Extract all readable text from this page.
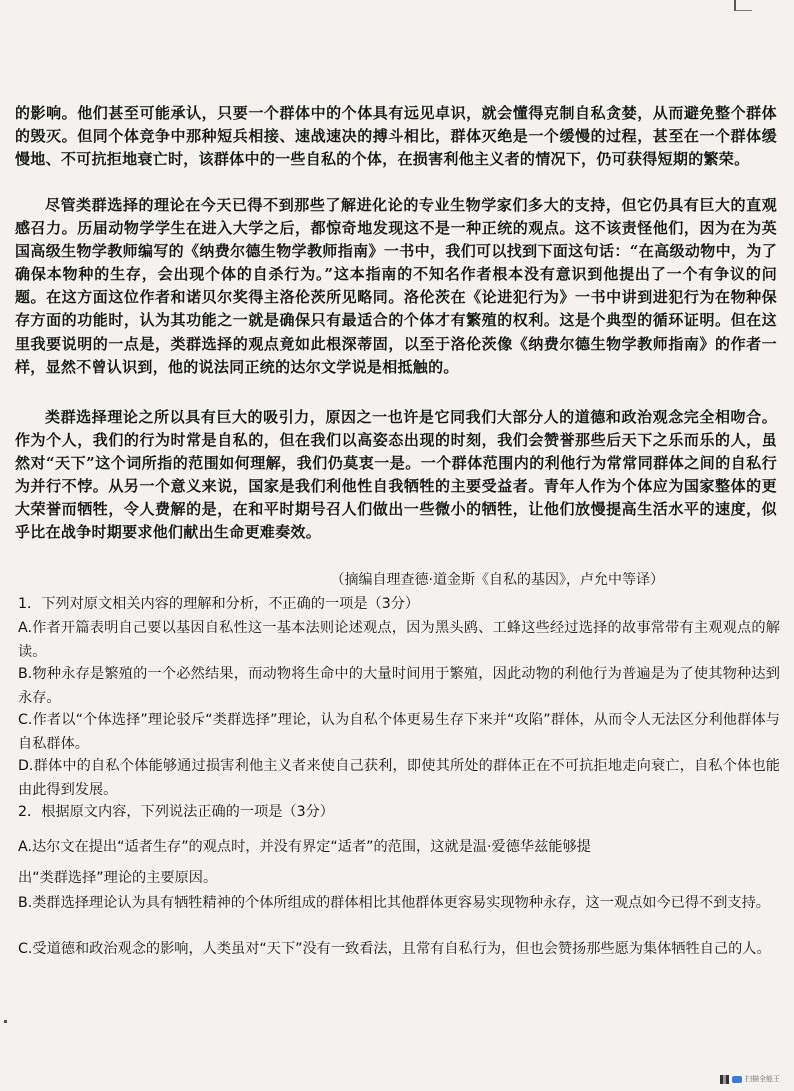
的影响。他们甚至可能承认，只要一个群体中的个体具有远见卓识，就会懂得克制自私贪婪，从而避免整个群体的毁灭。但同个体竞争中那种短兵相接、速战速决的搏斗相比，群体灭绝是一个缓慢的过程，甚至在一个群体缓慢地、不可抗拒地衰亡时，该群体中的一些自私的个体，在损害利他主义者的情况下，仍可获得短期的繁荣。
尽管类群选择的理论在今天已得不到那些了解进化论的专业生物学家们多大的支持，但它仍具有巨大的直观感召力。历届动物学学生在进入大学之后，都惊奇地发现这不是一种正统的观点。这不该责怪他们，因为在为英国高级生物学教师编写的《纳费尔德生物学教师指南》一书中，我们可以找到下面这句话：“在高级动物中，为了确保本物种的生存，会出现个体的自杀行为。”这本指南的不知名作者根本没有意识到他提出了一个有争议的问题。在这方面这位作者和诺贝尔奖得主洛伦茨所见略同。洛伦茨在《论进犯行为》一书中讲到进犯行为在物种保存方面的功能时，认为其功能之一就是确保只有最适合的个体才有繁殖的权利。这是个典型的循环证明。但在这里我要说明的一点是，类群选择的观点竟如此根深蒂固，以至于洛伦茨像《纳费尔德生物学教师指南》的作者一样，显然不曾认识到，他的说法同正统的达尔文学说是相抵触的。
类群选择理论之所以具有巨大的吸引力，原因之一也许是它同我们大部分人的道德和政治观念完全相吻合。作为个人，我们的行为时常是自私的，但在我们以高姿态出现的时刻，我们会赞誉那些后天下之乐而乐的人，虽然对“天下”这个词所指的范围如何理解，我们仍莫衷一是。一个群体范围内的利他行为常常同群体之间的自私行为并行不悖。从另一个意义来说，国家是我们利他性自我牺牲的主要受益者。青年人作为个体应为国家整体的更大荣誉而牺牲，令人费解的是，在和平时期号召人们做出一些微小的牺牲，让他们放慢提高生活水平的速度，似乎比在战争时期要求他们献出生命更难奏效。
（摘编自理查德·道金斯《自私的基因》，卢允中等译）
1．下列对原文相关内容的理解和分析，不正确的一项是（3分）
A.作者开篇表明自己要以基因自私性这一基本法则论述观点，因为黑头鸥、工蜂这些经过选择的故事常带有主观观点的解读。
B.物种永存是繁殖的一个必然结果，而动物将生命中的大量时间用于繁殖，因此动物的利他行为普遍是为了使其物种达到永存。
C.作者以“个体选择”理论驳斥“类群选择”理论，认为自私个体更易生存下来并“攻陷”群体，从而令人无法区分利他群体与自私群体。
D.群体中的自私个体能够通过损害利他主义者来使自己获利，即使其所处的群体正在不可抗拒地走向衰亡，自私个体也能由此得到发展。
2．根据原文内容，下列说法正确的一项是（3分）
A.达尔文在提出“适者生存”的观点时，并没有界定“适者”的范围，这就是温·爱德华兹能够提
出“类群选择”理论的主要原因。
B.类群选择理论认为具有牺牲精神的个体所组成的群体相比其他群体更容易实现物种永存，这一观点如今已得不到支持。
C.受道德和政治观念的影响，人类虽对“天下”没有一致看法，且常有自私行为，但也会赞扬那些愿为集体牺牲自己的人。
扫描全能王
